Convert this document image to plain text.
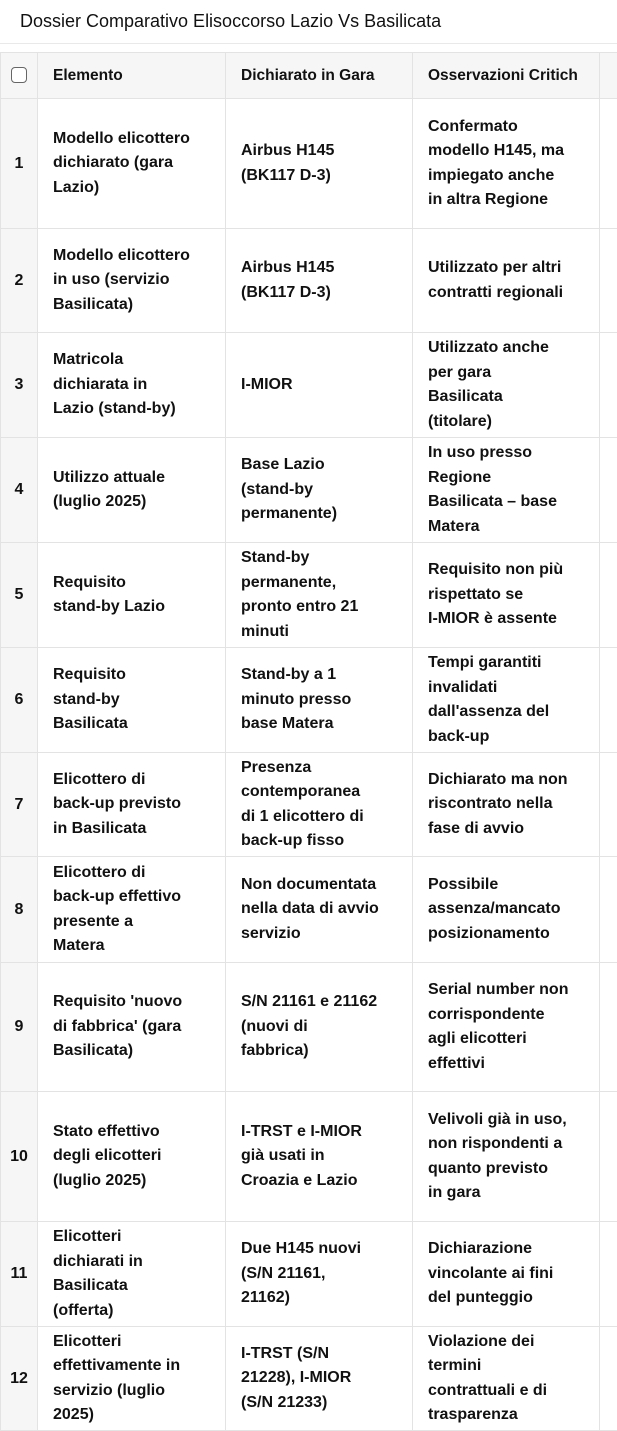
Dossier Comparativo Elisoccorso Lazio Vs Basilicata
	Elemento	Dichiarato in Gara	Osservazioni Critich	
1	Modello elicottero
dichiarato (gara
Lazio)	Airbus H145
(BK117 D-3)	Confermato
modello H145, ma
impiegato anche
in altra Regione	

2	Modello elicottero
in uso (servizio
Basilicata)	Airbus H145
(BK117 D-3)	Utilizzato per altri
contratti regionali	

3	Matricola
dichiarata in
Lazio (stand-by)	I-MIOR	Utilizzato anche
per gara
Basilicata
(titolare)	

4	Utilizzo attuale
(luglio 2025)	Base Lazio
(stand-by
permanente)	In uso presso
Regione
Basilicata – base
Matera	

5	Requisito
stand-by Lazio	Stand-by
permanente,
pronto entro 21
minuti	Requisito non più
rispettato se
I-MIOR è assente	

6	Requisito
stand-by
Basilicata	Stand-by a 1
minuto presso
base Matera	Tempi garantiti
invalidati
dall'assenza del
back-up	

7	Elicottero di
back-up previsto
in Basilicata	Presenza
contemporanea
di 1 elicottero di
back-up fisso	Dichiarato ma non
riscontrato nella
fase di avvio	

8	Elicottero di
back-up effettivo
presente a
Matera	Non documentata
nella data di avvio
servizio	Possibile
assenza/mancato
posizionamento	

9	Requisito 'nuovo
di fabbrica' (gara
Basilicata)	S/N 21161 e 21162
(nuovi di
fabbrica)	Serial number non
corrispondente
agli elicotteri
effettivi	

10	Stato effettivo
degli elicotteri
(luglio 2025)	I-TRST e I-MIOR
già usati in
Croazia e Lazio	Velivoli già in uso,
non rispondenti a
quanto previsto
in gara	

11	Elicotteri
dichiarati in
Basilicata
(offerta)	Due H145 nuovi
(S/N 21161,
21162)	Dichiarazione
vincolante ai fini
del punteggio	

12	Elicotteri
effettivamente in
servizio (luglio
2025)	I-TRST (S/N
21228), I-MIOR
(S/N 21233)	Violazione dei
termini
contrattuali e di
trasparenza	
